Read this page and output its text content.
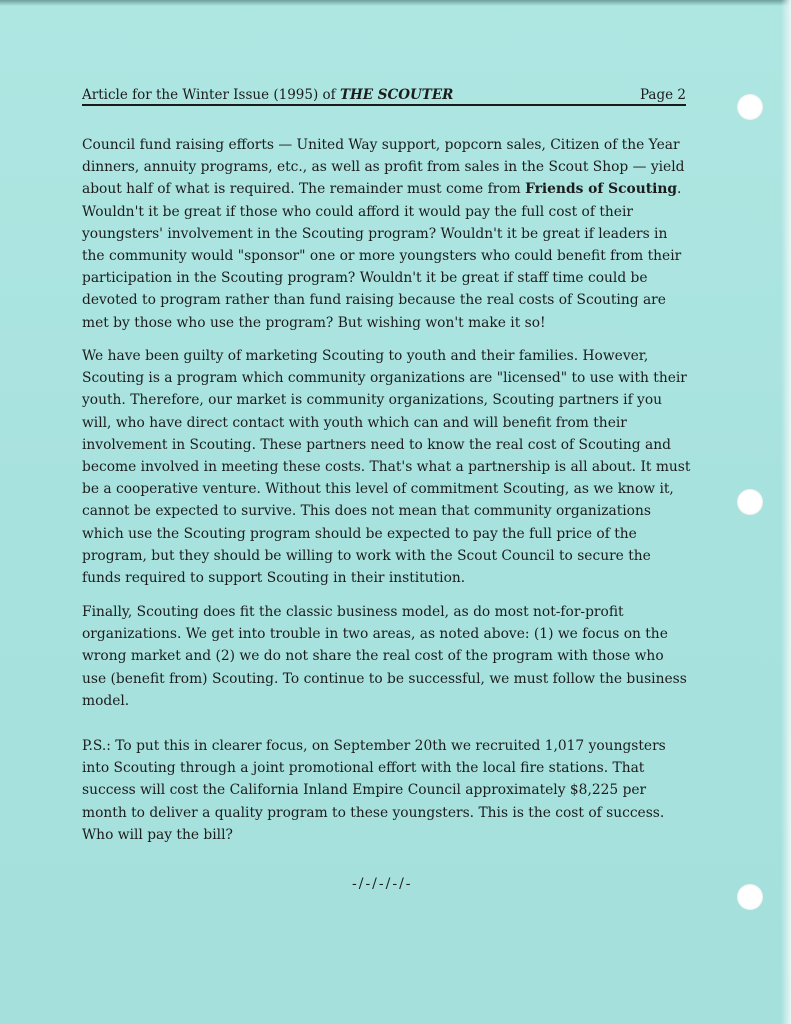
Article for the Winter Issue (1995) of THE SCOUTER	Page 2

Council fund raising efforts — United Way support, popcorn sales, Citizen of the Year dinners, annuity programs, etc., as well as profit from sales in the Scout Shop — yield about half of what is required. The remainder must come from Friends of Scouting. Wouldn't it be great if those who could afford it would pay the full cost of their youngsters' involvement in the Scouting program? Wouldn't it be great if leaders in the community would "sponsor" one or more youngsters who could benefit from their participation in the Scouting program? Wouldn't it be great if staff time could be devoted to program rather than fund raising because the real costs of Scouting are met by those who use the program? But wishing won't make it so!

We have been guilty of marketing Scouting to youth and their families. However, Scouting is a program which community organizations are "licensed" to use with their youth. Therefore, our market is community organizations, Scouting partners if you will, who have direct contact with youth which can and will benefit from their involvement in Scouting. These partners need to know the real cost of Scouting and become involved in meeting these costs. That's what a partnership is all about. It must be a cooperative venture. Without this level of commitment Scouting, as we know it, cannot be expected to survive. This does not mean that community organizations which use the Scouting program should be expected to pay the full price of the program, but they should be willing to work with the Scout Council to secure the funds required to support Scouting in their institution.

Finally, Scouting does fit the classic business model, as do most not-for-profit organizations. We get into trouble in two areas, as noted above: (1) we focus on the wrong market and (2) we do not share the real cost of the program with those who use (benefit from) Scouting. To continue to be successful, we must follow the business model.

P.S.: To put this in clearer focus, on September 20th we recruited 1,017 youngsters into Scouting through a joint promotional effort with the local fire stations. That success will cost the California Inland Empire Council approximately $8,225 per month to deliver a quality program to these youngsters. This is the cost of success. Who will pay the bill?

-/-/-/-/-
